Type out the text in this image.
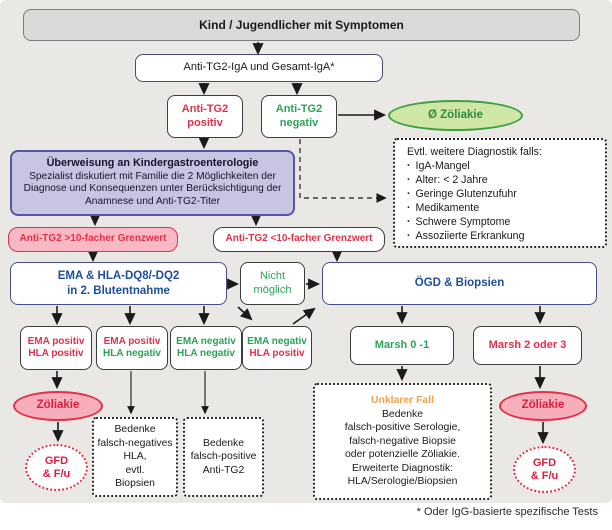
Kind / Jugendlicher mit Symptomen
Anti-TG2-IgA und Gesamt-IgA*
Anti-TG2
positiv
Anti-TG2
negativ
Ø Zöliakie
Überweisung an Kindergastroenterologie
Spezialist diskutiert mit Familie die 2 Möglichkeiten der Diagnose und Konsequenzen unter Berücksichtigung der Anamnese und Anti-TG2-Titer
Anti-TG2 >10-facher Grenzwert	Anti-TG2 <10-facher Grenzwert
Evtl. weitere Diagnostik falls:
· IgA-Mangel
· Alter: < 2 Jahre
· Geringe Glutenzufuhr
· Medikamente
· Schwere Symptome
· Assoziierte Erkrankung
EMA & HLA-DQ8/-DQ2
in 2. Blutentnahme
Nicht
möglich
ÖGD & Biopsien
EMA positiv
HLA positiv
EMA positiv
HLA negativ
EMA negativ
HLA negativ
EMA negativ
HLA positiv
Marsh 0 -1	Marsh 2 oder 3
Zöliakie
GFD
& F/u
Bedenke
falsch-negatives
HLA,
evtl.
Biopsien
Bedenke
falsch-positive
Anti-TG2
Unklarer Fall
Bedenke
falsch-positive Serologie,
falsch-negative Biopsie
oder potenzielle Zöliakie.
Erweiterte Diagnostik:
HLA/Serologie/Biopsien
Zöliakie
GFD
& F/u
* Oder IgG-basierte spezifische Tests
